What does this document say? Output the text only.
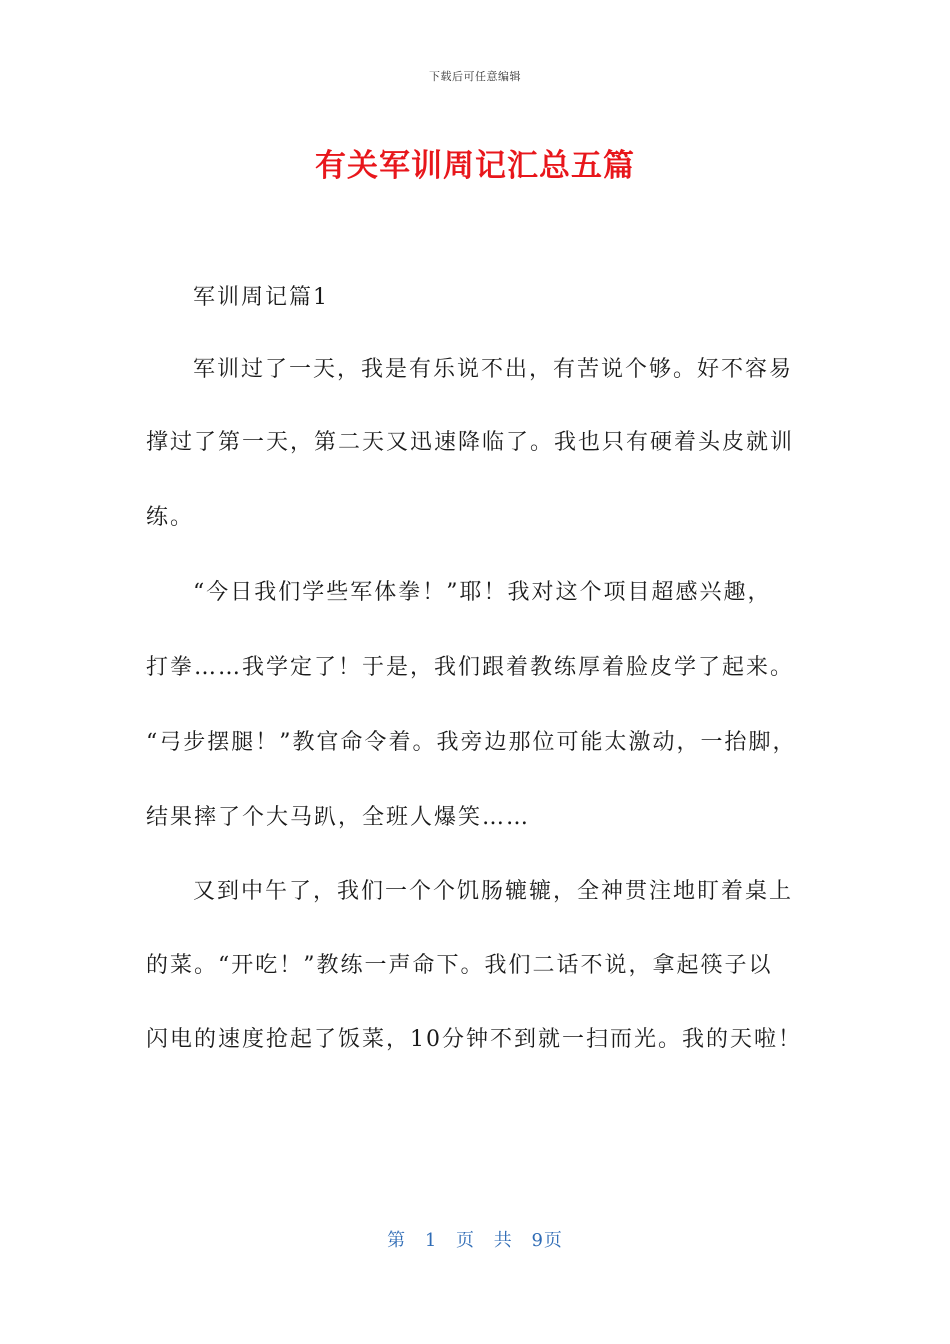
下载后可任意编辑
有关军训周记汇总五篇
军训周记篇1
军训过了一天，我是有乐说不出，有苦说个够。好不容易
撑过了第一天，第二天又迅速降临了。我也只有硬着头皮就训
练。
“今日我们学些军体拳！”耶！我对这个项目超感兴趣，
打拳……我学定了！于是，我们跟着教练厚着脸皮学了起来。
“弓步摆腿！”教官命令着。我旁边那位可能太激动，一抬脚，
结果摔了个大马趴，全班人爆笑……
又到中午了，我们一个个饥肠辘辘，全神贯注地盯着桌上
的菜。“开吃！”教练一声命下。我们二话不说，拿起筷子以
闪电的速度抢起了饭菜，10分钟不到就一扫而光。我的天啦！
第 1 页 共 9页
